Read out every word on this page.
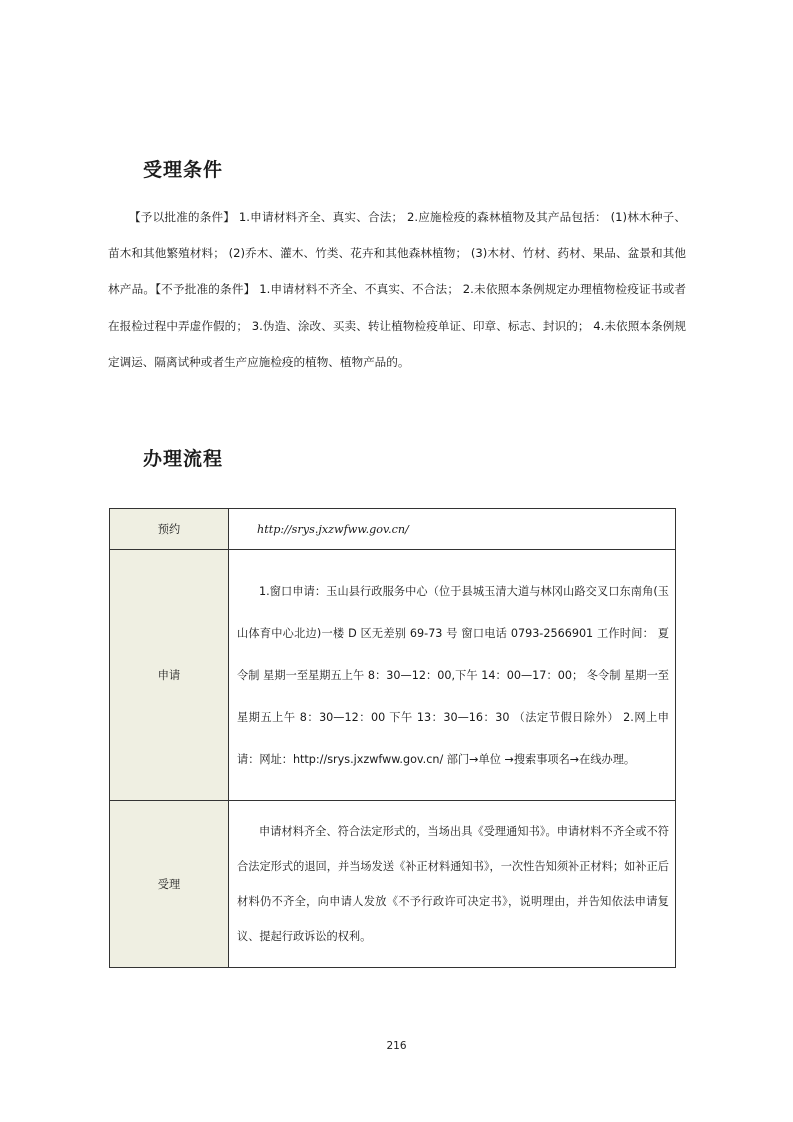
受理条件

【予以批准的条件】 1.申请材料齐全、真实、合法； 2.应施检疫的森林植物及其产品包括： (1)林木种子、苗木和其他繁殖材料； (2)乔木、灌木、竹类、花卉和其他森林植物； (3)木材、竹材、药材、果品、盆景和其他林产品。【不予批准的条件】 1.申请材料不齐全、不真实、不合法； 2.未依照本条例规定办理植物检疫证书或者在报检过程中弄虚作假的； 3.伪造、涂改、买卖、转让植物检疫单证、印章、标志、封识的； 4.未依照本条例规定调运、隔离试种或者生产应施检疫的植物、植物产品的。

办理流程
预约	http://srys.jxzwfww.gov.cn/
申请	1.窗口申请：玉山县行政服务中心（位于县城玉清大道与林冈山路交叉口东南角(玉山体育中心北边)一楼 D 区无差别 69-73 号 窗口电话 0793-2566901 工作时间： 夏令制 星期一至星期五上午 8：30—12：00,下午 14：00—17：00； 冬令制 星期一至星期五上午 8：30—12：00 下午 13：30—16：30 （法定节假日除外） 2.网上申请：网址：http://srys.jxzwfww.gov.cn/ 部门→单位 →搜索事项名→在线办理。

受理	申请材料齐全、符合法定形式的，当场出具《受理通知书》。申请材料不齐全或不符合法定形式的退回，并当场发送《补正材料通知书》，一次性告知须补正材料；如补正后材料仍不齐全，向申请人发放《不予行政许可决定书》，说明理由，并告知依法申请复议、提起行政诉讼的权利。

216
